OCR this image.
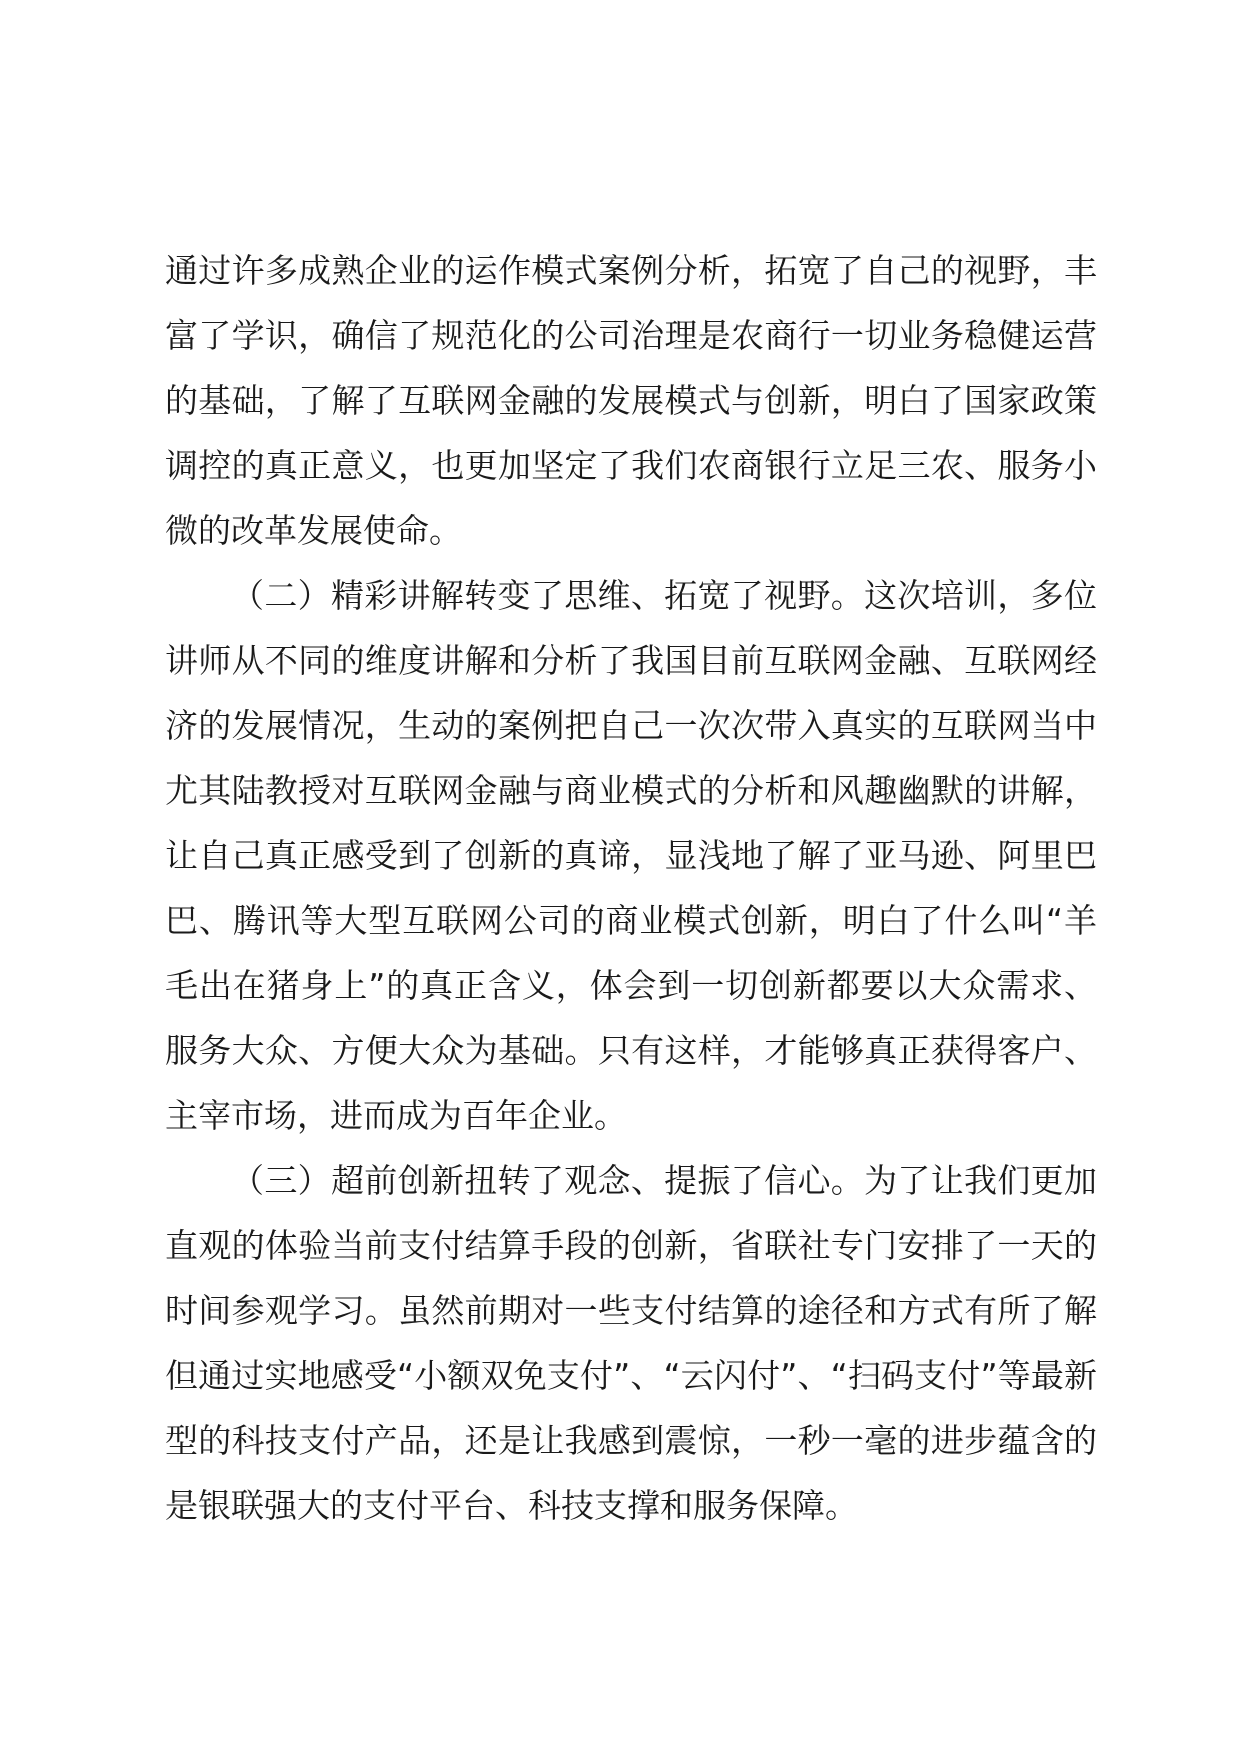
通过许多成熟企业的运作模式案例分析，拓宽了自己的视野，丰富了学识，确信了规范化的公司治理是农商行一切业务稳健运营的基础，了解了互联网金融的发展模式与创新，明白了国家政策调控的真正意义，也更加坚定了我们农商银行立足三农、服务小微的改革发展使命。

（二）精彩讲解转变了思维、拓宽了视野。这次培训，多位讲师从不同的维度讲解和分析了我国目前互联网金融、互联网经济的发展情况，生动的案例把自己一次次带入真实的互联网当中尤其陆教授对互联网金融与商业模式的分析和风趣幽默的讲解，让自己真正感受到了创新的真谛，显浅地了解了亚马逊、阿里巴巴、腾讯等大型互联网公司的商业模式创新，明白了什么叫“羊毛出在猪身上”的真正含义，体会到一切创新都要以大众需求、服务大众、方便大众为基础。只有这样，才能够真正获得客户、主宰市场，进而成为百年企业。

（三）超前创新扭转了观念、提振了信心。为了让我们更加直观的体验当前支付结算手段的创新，省联社专门安排了一天的时间参观学习。虽然前期对一些支付结算的途径和方式有所了解但通过实地感受“小额双免支付”、“云闪付”、“扫码支付”等最新型的科技支付产品，还是让我感到震惊，一秒一毫的进步蕴含的是银联强大的支付平台、科技支撑和服务保障。
